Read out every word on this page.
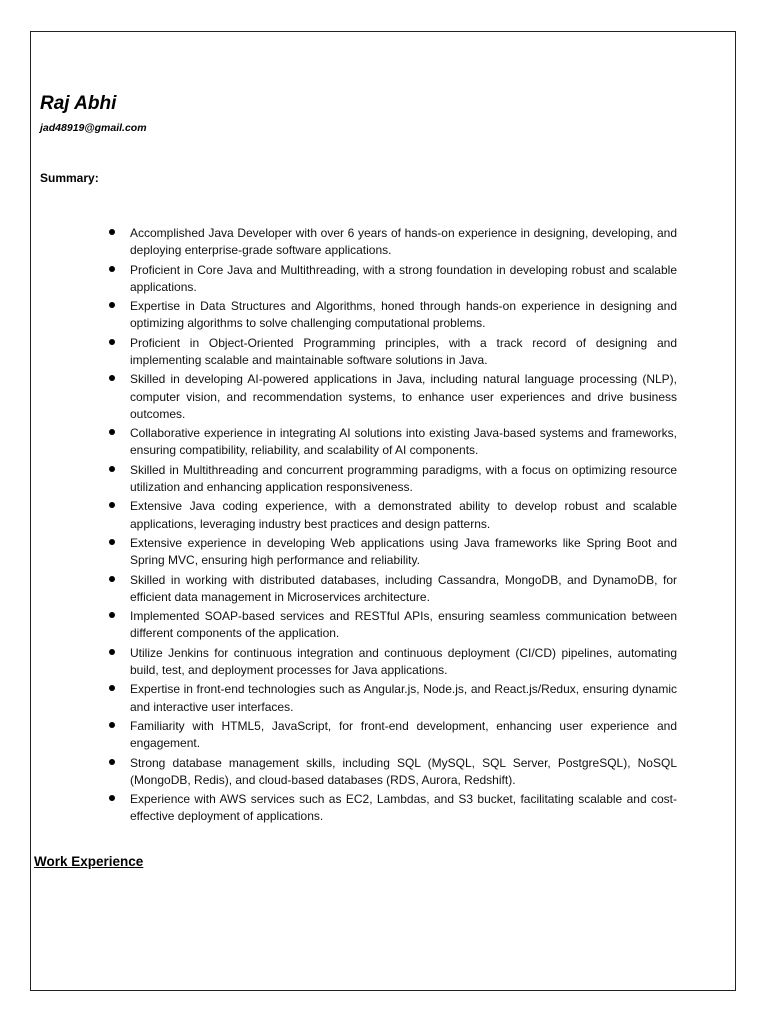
Raj Abhi
jad48919@gmail.com
Summary:
Accomplished Java Developer with over 6 years of hands-on experience in designing, developing, and deploying enterprise-grade software applications.
Proficient in Core Java and Multithreading, with a strong foundation in developing robust and scalable applications.
Expertise in Data Structures and Algorithms, honed through hands-on experience in designing and optimizing algorithms to solve challenging computational problems.
Proficient in Object-Oriented Programming principles, with a track record of designing and implementing scalable and maintainable software solutions in Java.
Skilled in developing AI-powered applications in Java, including natural language processing (NLP), computer vision, and recommendation systems, to enhance user experiences and drive business outcomes.
Collaborative experience in integrating AI solutions into existing Java-based systems and frameworks, ensuring compatibility, reliability, and scalability of AI components.
Skilled in Multithreading and concurrent programming paradigms, with a focus on optimizing resource utilization and enhancing application responsiveness.
Extensive Java coding experience, with a demonstrated ability to develop robust and scalable applications, leveraging industry best practices and design patterns.
Extensive experience in developing Web applications using Java frameworks like Spring Boot and Spring MVC, ensuring high performance and reliability.
Skilled in working with distributed databases, including Cassandra, MongoDB, and DynamoDB, for efficient data management in Microservices architecture.
Implemented SOAP-based services and RESTful APIs, ensuring seamless communication between different components of the application.
Utilize Jenkins for continuous integration and continuous deployment (CI/CD) pipelines, automating build, test, and deployment processes for Java applications.
Expertise in front-end technologies such as Angular.js, Node.js, and React.js/Redux, ensuring dynamic and interactive user interfaces.
Familiarity with HTML5, JavaScript, for front-end development, enhancing user experience and engagement.
Strong database management skills, including SQL (MySQL, SQL Server, PostgreSQL), NoSQL (MongoDB, Redis), and cloud-based databases (RDS, Aurora, Redshift).
Experience with AWS services such as EC2, Lambdas, and S3 bucket, facilitating scalable and cost-effective deployment of applications.
Work Experience
